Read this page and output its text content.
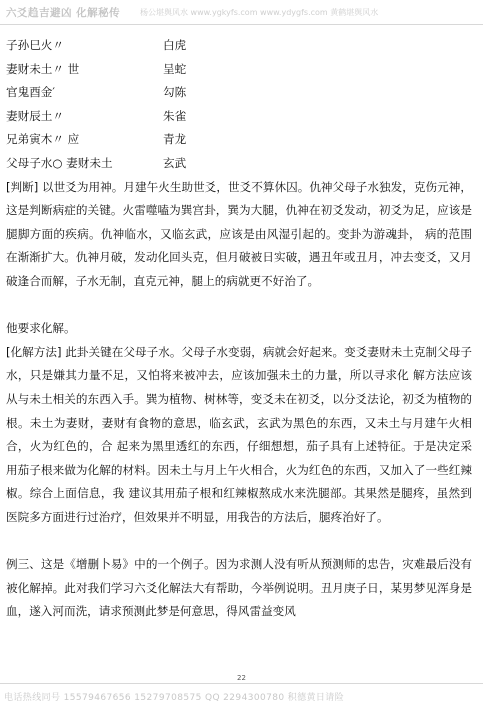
六爻趋吉避凶 化解秘传 杨公堪舆风水 www.ygkyfs.com www.ydygfs.com 黄鹤堪舆风水
子孙巳火〃	白虎
妻财未土〃 世	呈蛇
官鬼酉金′	勾陈
妻财辰土〃	朱雀
兄弟寅木〃 应	青龙
父母子水○ 妻财未土	玄武

[判断] 以世爻为用神。月建午火生助世爻，世爻不算休囚。仇神父母子水独发，克伤元神，这是判断病症的关键。火雷噬嗑为巽宫卦，巽为大腿，仇神在初爻发动，初爻为足，应该是腿脚方面的疾病。仇神临水，又临玄武，应该是由风湿引起的。变卦为游魂卦， 病的范围在渐渐扩大。仇神月破，发动化回头克，但月破被日实破，遇丑年或丑月，冲去变爻，又月破逢合而解，子水无制，直克元神，腿上的病就更不好治了。

他要求化解。

[化解方法] 此卦关键在父母子水。父母子水变弱，病就会好起来。变爻妻财未土克制父母子水，只是嫌其力量不足，又怕将来被冲去，应该加强未土的力量，所以寻求化 解方法应该从与未土相关的东西入手。巽为植物、树林等，变爻未在初爻，以分爻法论，初爻为植物的根。未土为妻财，妻财有食物的意思，临玄武，玄武为黑色的东西，又未土与月建午火相合，火为红色的，合 起来为黑里透红的东西，仔细想想，茄子具有上述特征。于是决定采用茄子根来做为化解的材料。因未土与月上午火相合，火为红色的东西，又加入了一些红辣椒。综合上面信息，我 建议其用茄子根和红辣椒熬成水来洗腿部。其果然是腿疼，虽然到医院多方面进行过治疗，但效果并不明显，用我告的方法后，腿疼治好了。

例三、这是《增删卜易》中的一个例子。因为求测人没有听从预测师的忠告，灾难最后没有被化解掉。此对我们学习六爻化解法大有帮助，今举例说明。丑月庚子日，某男梦见浑身是血，遂入河而洗，请求预测此梦是何意思，得风雷益变风

22
电话热线同号 15579467656 15279708575 QQ 2294300780 积德黄日请险
